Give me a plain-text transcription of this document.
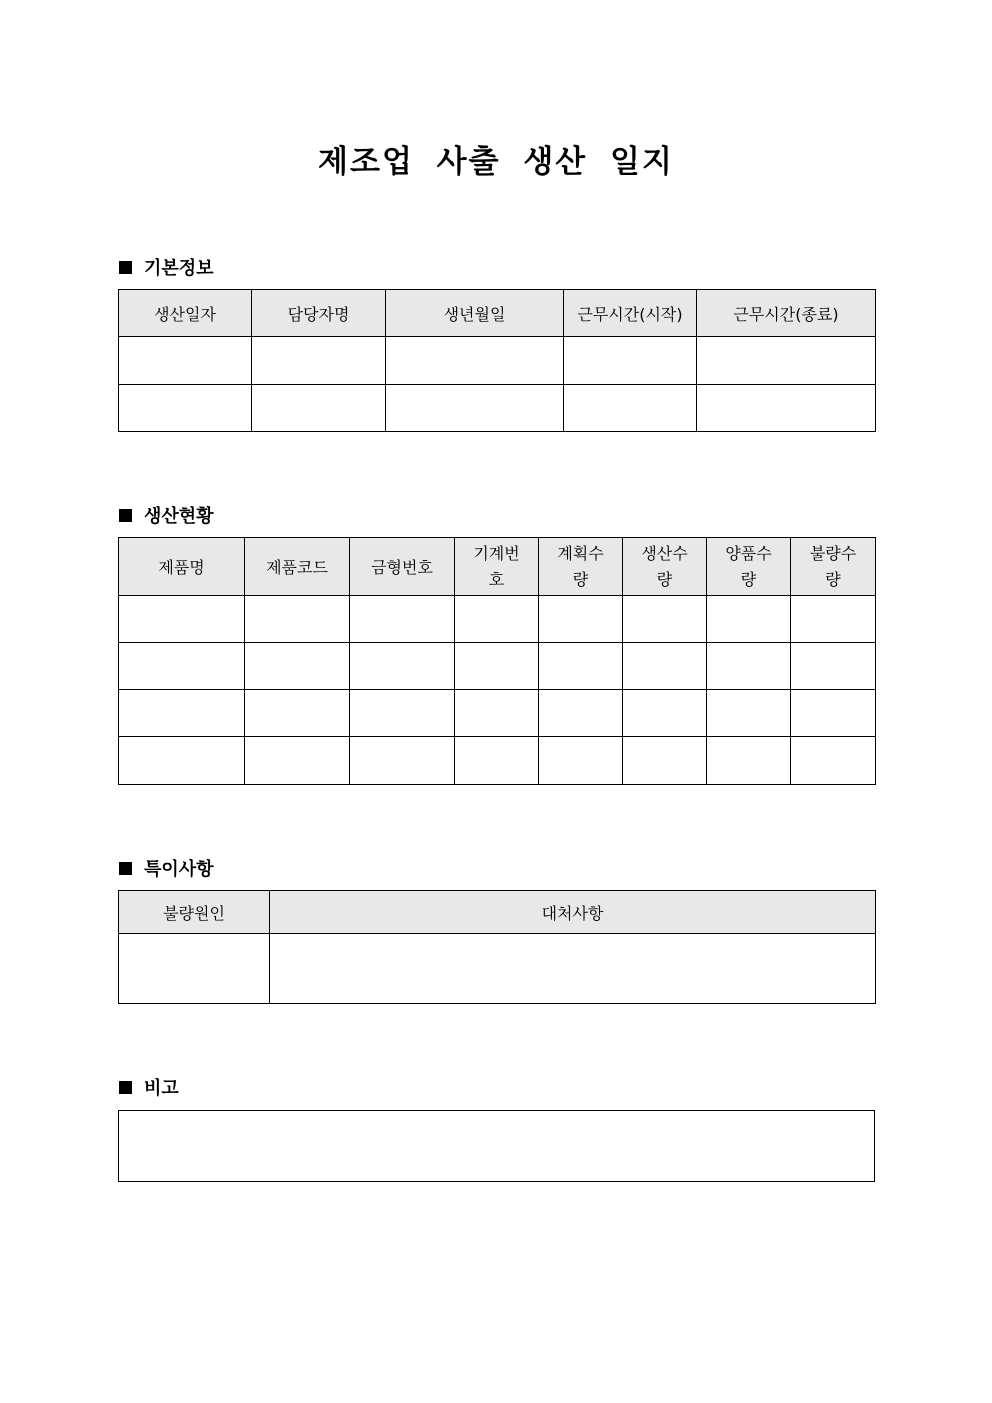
제조업 사출 생산 일지
기본정보
생산일자	담당자명	생년월일	근무시간(시작)	근무시간(종료)

생산현황
제품명	제품코드	금형번호	기계번호	계획수량	생산수량	양품수량	불량수량

특이사항
불량원인	대처사항

비고
